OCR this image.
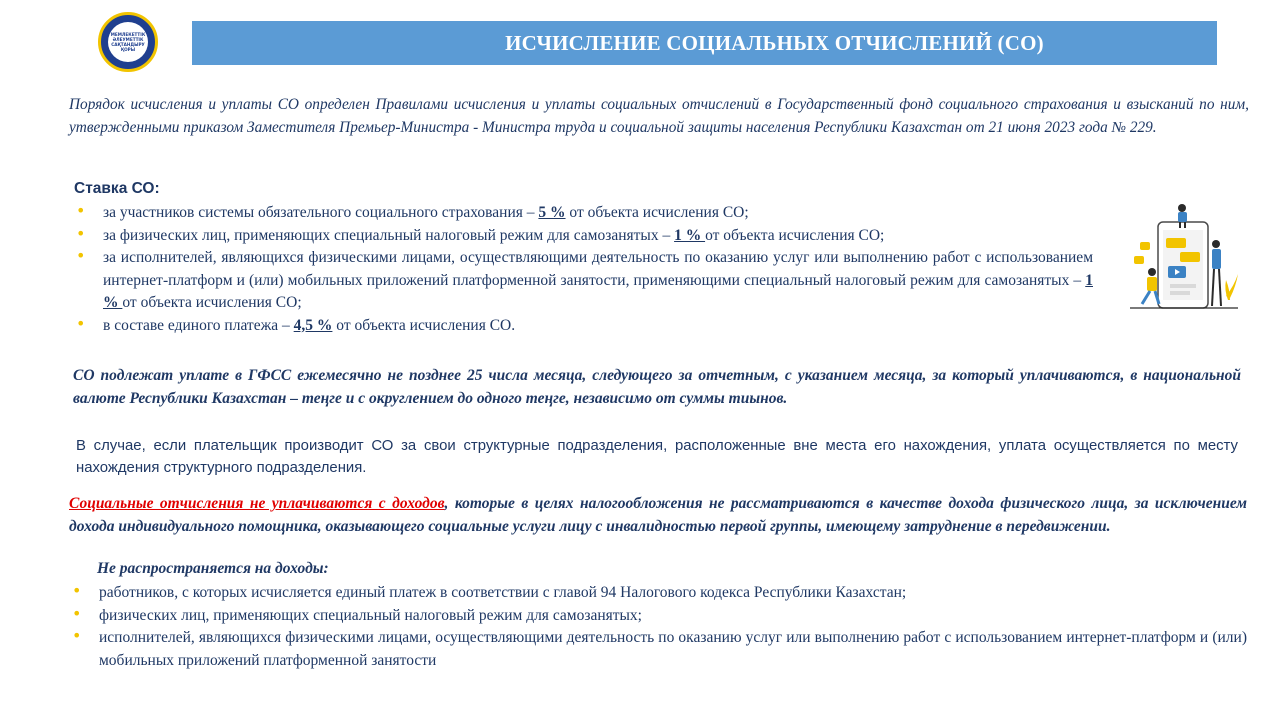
МЕМЛЕКЕТТІК
ӘЛЕУМЕТТІК
САҚТАНДЫРУ
ҚОРЫ	ИСЧИСЛЕНИЕ СОЦИАЛЬНЫХ ОТЧИСЛЕНИЙ (СО)
Порядок исчисления и уплаты СО определен Правилами исчисления и уплаты социальных отчислений в Государственный фонд социального страхования и взысканий по ним, утвержденными приказом Заместителя Премьер-Министра - Министра труда и социальной защиты населения Республики Казахстан от 21 июня 2023 года № 229.
Ставка СО:
• за участников системы обязательного социального страхования – 5 % от объекта исчисления СО;
• за физических лиц, применяющих специальный налоговый режим для самозанятых – 1 % от объекта исчисления СО;
• за исполнителей, являющихся физическими лицами, осуществляющими деятельность по оказанию услуг или выполнению работ с использованием интернет-платформ и (или) мобильных приложений платформенной занятости, применяющими специальный налоговый режим для самозанятых – 1 % от объекта исчисления СО;
• в составе единого платежа – 4,5 % от объекта исчисления СО.
СО подлежат уплате в ГФСС ежемесячно не позднее 25 числа месяца, следующего за отчетным, с указанием месяца, за который уплачиваются, в национальной валюте Республики Казахстан – теңге и с округлением до одного теңге, независимо от суммы тиынов.
В случае, если плательщик производит СО за свои структурные подразделения, расположенные вне места его нахождения, уплата осуществляется по месту нахождения структурного подразделения.
Социальные отчисления не уплачиваются с доходов, которые в целях налогообложения не рассматриваются в качестве дохода физического лица, за исключением дохода индивидуального помощника, оказывающего социальные услуги лицу с инвалидностью первой группы, имеющему затруднение в передвижении.
Не распространяется на доходы:
• работников, с которых исчисляется единый платеж в соответствии с главой 94 Налогового кодекса Республики Казахстан;
• физических лиц, применяющих специальный налоговый режим для самозанятых;
• исполнителей, являющихся физическими лицами, осуществляющими деятельность по оказанию услуг или выполнению работ с использованием интернет-платформ и (или) мобильных приложений платформенной занятости
